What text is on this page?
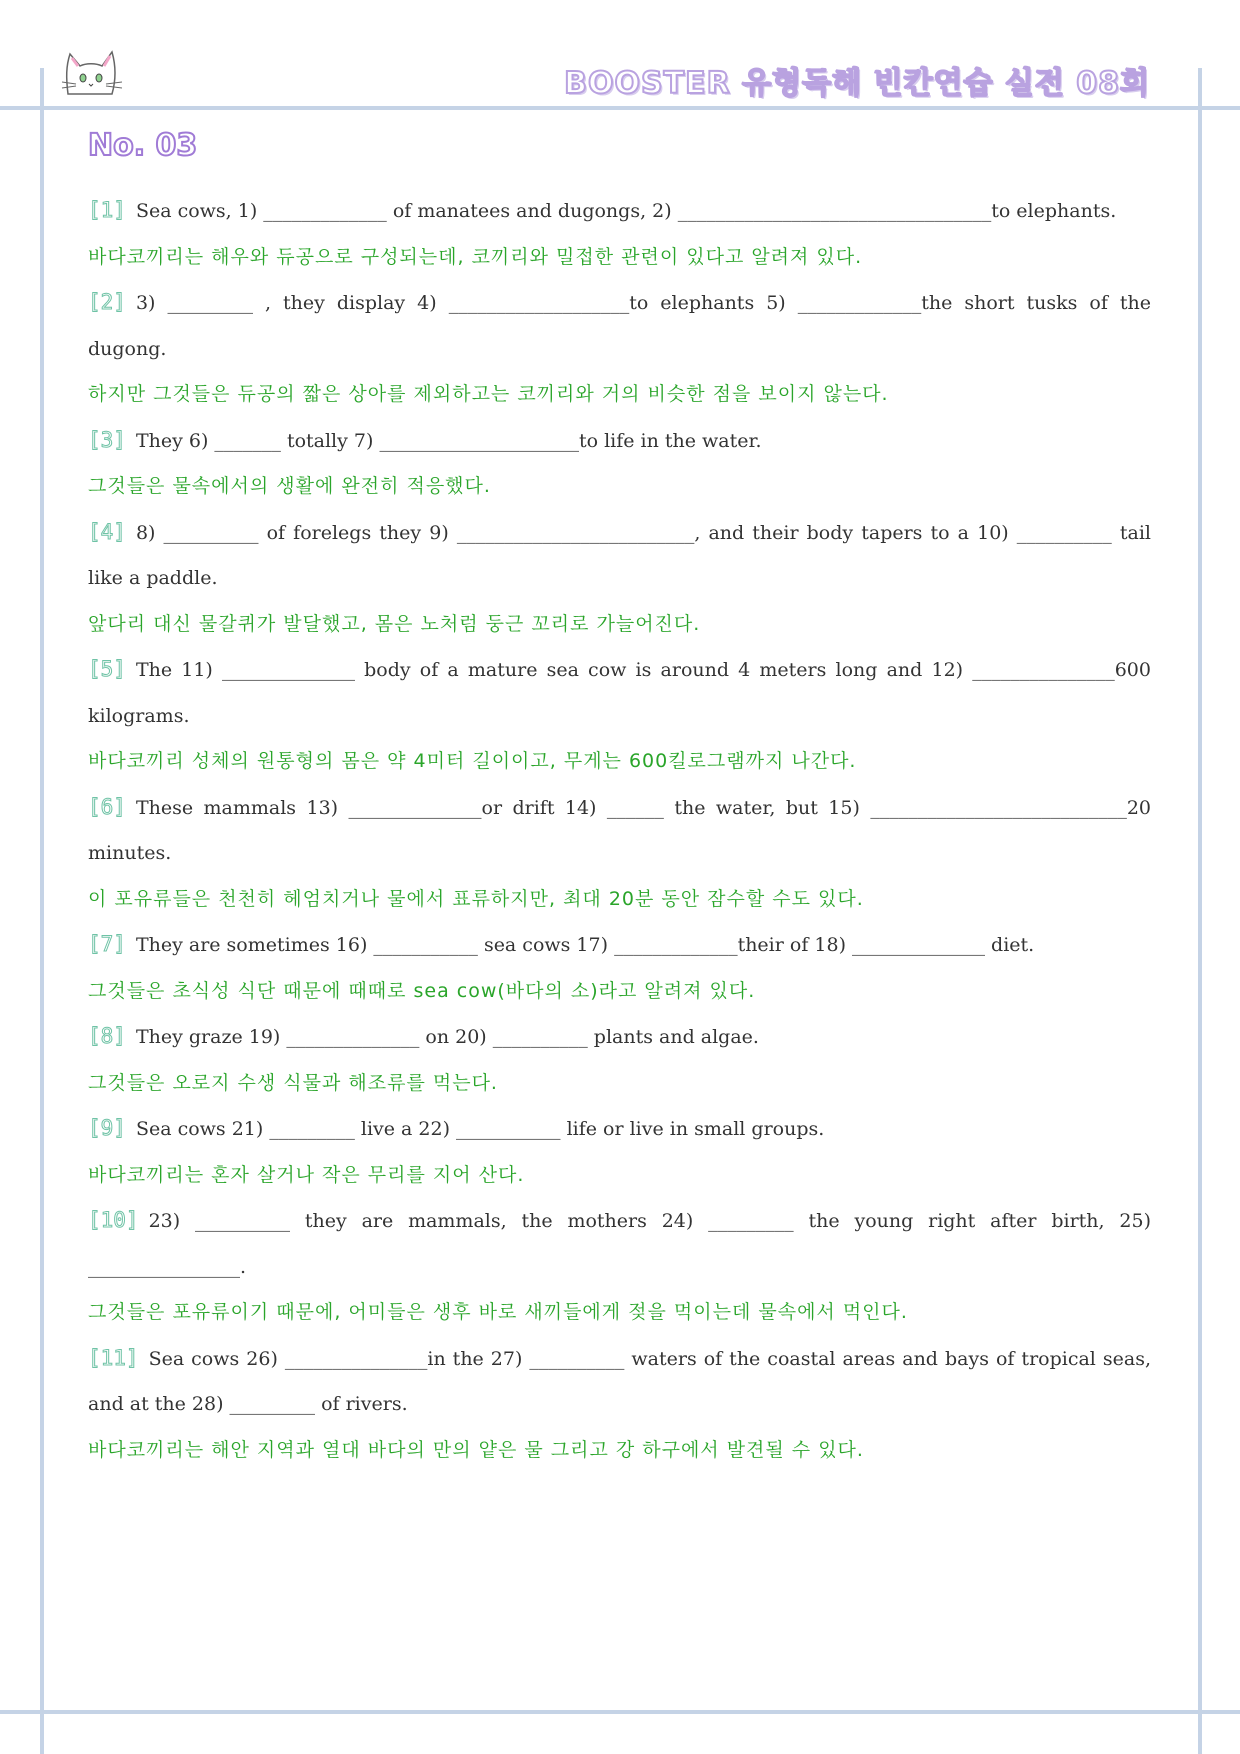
BOOSTER 유형독해 빈칸연습 실전 08회
No. 03

[1] Sea cows, 1) _____________ of manatees and dugongs, 2) _________________________________to elephants.

바다코끼리는 해우와 듀공으로 구성되는데, 코끼리와 밀접한 관련이 있다고 알려져 있다.

[2] 3) _________ , they display 4) ___________________to elephants 5) _____________the short tusks of the dugong.

하지만 그것들은 듀공의 짧은 상아를 제외하고는 코끼리와 거의 비슷한 점을 보이지 않는다.

[3] They 6) _______ totally 7) _____________________to life in the water.

그것들은 물속에서의 생활에 완전히 적응했다.

[4] 8) __________ of forelegs they 9) _________________________, and their body tapers to a 10) __________ tail like a paddle.

앞다리 대신 물갈퀴가 발달했고, 몸은 노처럼 둥근 꼬리로 가늘어진다.

[5] The 11) ______________ body of a mature sea cow is around 4 meters long and 12) _______________600 kilograms.

바다코끼리 성체의 원통형의 몸은 약 4미터 길이이고, 무게는 600킬로그램까지 나간다.

[6] These mammals 13) ______________or drift 14) ______ the water, but 15) ___________________________20 minutes.

이 포유류들은 천천히 헤엄치거나 물에서 표류하지만, 최대 20분 동안 잠수할 수도 있다.

[7] They are sometimes 16) ___________ sea cows 17) _____________their of 18) ______________ diet.

그것들은 초식성 식단 때문에 때때로 sea cow(바다의 소)라고 알려져 있다.

[8] They graze 19) ______________ on 20) __________ plants and algae.

그것들은 오로지 수생 식물과 해조류를 먹는다.

[9] Sea cows 21) _________ live a 22) ___________ life or live in small groups.

바다코끼리는 혼자 살거나 작은 무리를 지어 산다.

[10] 23) __________ they are mammals, the mothers 24) _________ the young right after birth, 25) ________________.

그것들은 포유류이기 때문에, 어미들은 생후 바로 새끼들에게 젖을 먹이는데 물속에서 먹인다.

[11] Sea cows 26) _______________in the 27) __________ waters of the coastal areas and bays of tropical seas, and at the 28) _________ of rivers.

바다코끼리는 해안 지역과 열대 바다의 만의 얕은 물 그리고 강 하구에서 발견될 수 있다.
